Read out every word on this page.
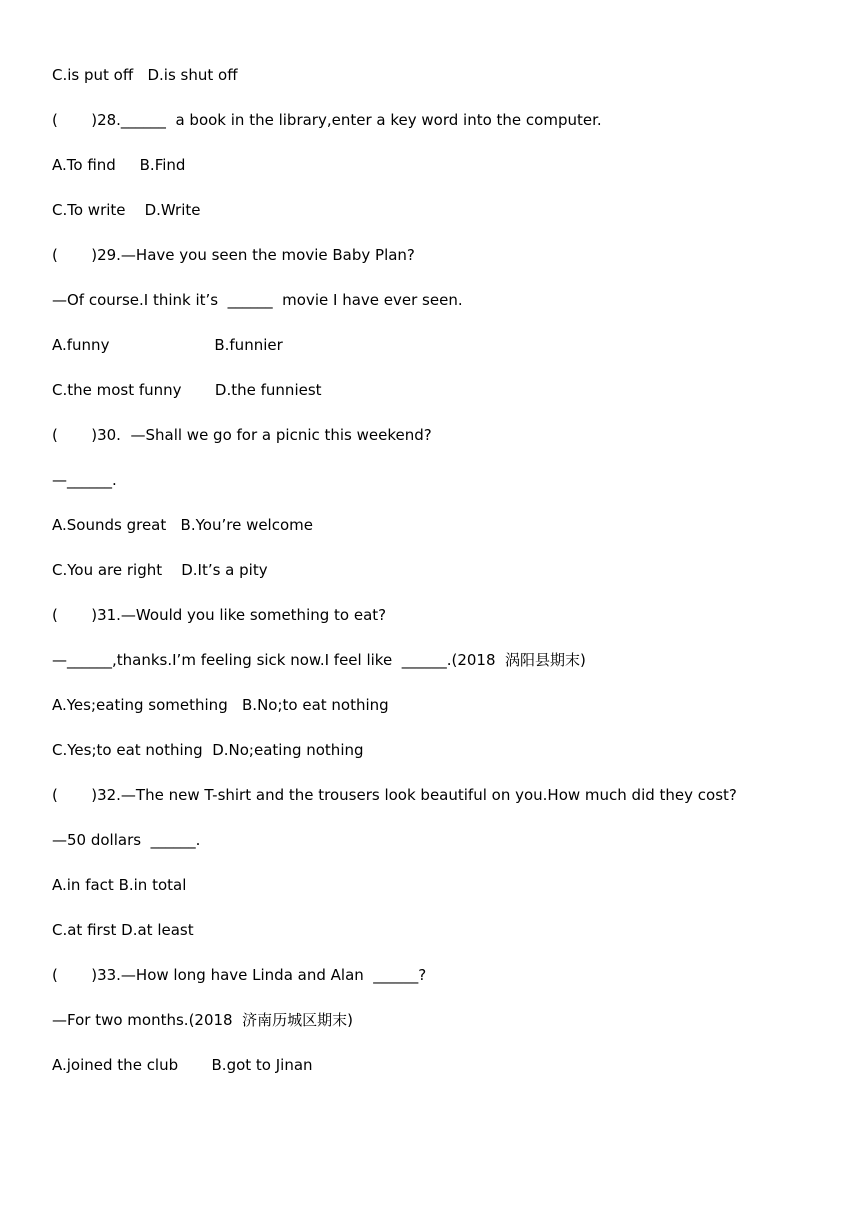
C.is put off   D.is shut off
(       )28.______  a book in the library,enter a key word into the computer.
A.To find     B.Find
C.To write    D.Write
(       )29.—Have you seen the movie Baby Plan?
—Of course.I think it’s  ______  movie I have ever seen.
A.funny                      B.funnier
C.the most funny       D.the funniest
(       )30.  —Shall we go for a picnic this weekend?
—______.
A.Sounds great   B.You’re welcome
C.You are right    D.It’s a pity
(       )31.—Would you like something to eat?
—______,thanks.I’m feeling sick now.I feel like  ______.(2018  涡阳县期末)
A.Yes;eating something   B.No;to eat nothing
C.Yes;to eat nothing  D.No;eating nothing
(       )32.—The new T-shirt and the trousers look beautiful on you.How much did they cost?
—50 dollars  ______.
A.in fact B.in total
C.at first D.at least
(       )33.—How long have Linda and Alan  ______?
—For two months.(2018  济南历城区期末)
A.joined the club       B.got to Jinan
